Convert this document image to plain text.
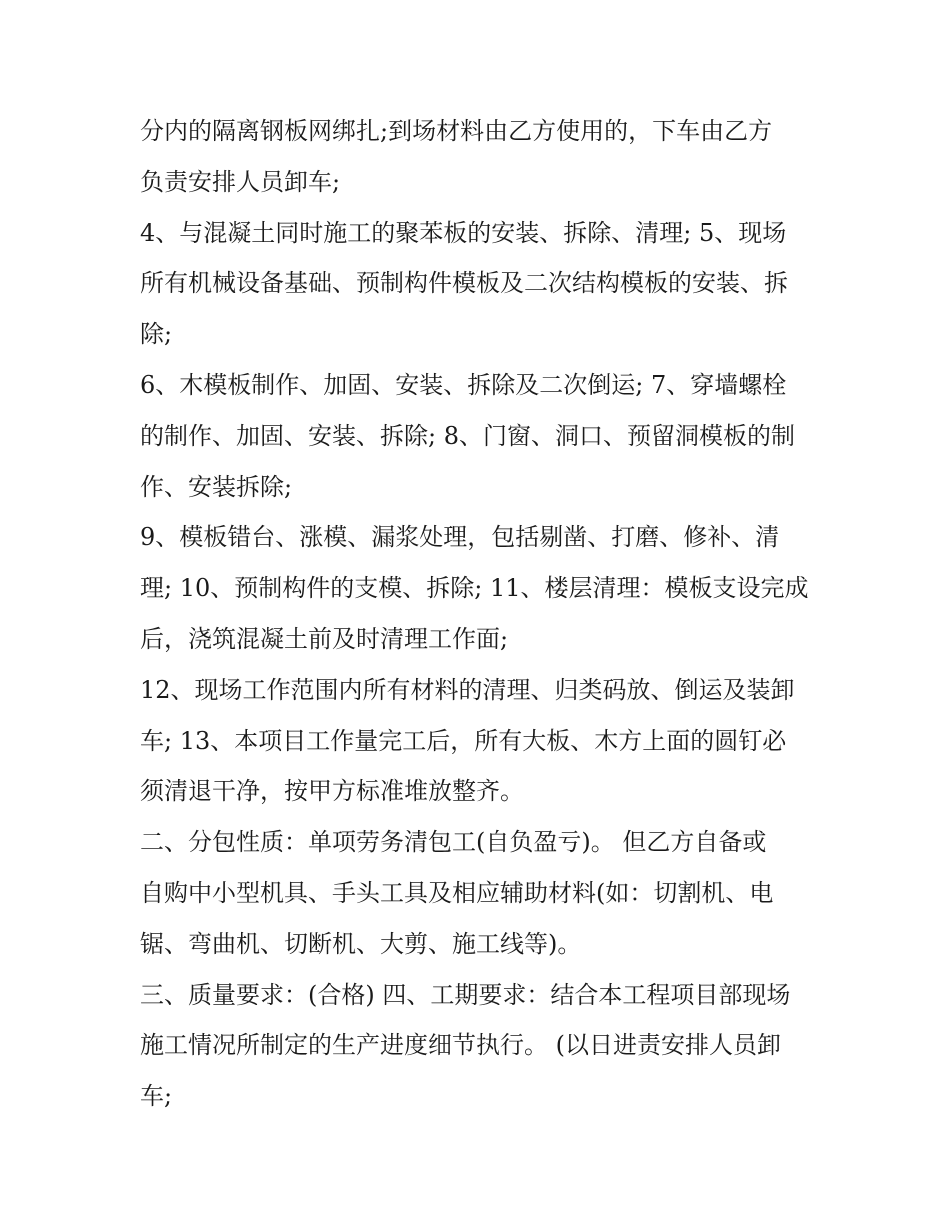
分内的隔离钢板网绑扎;到场材料由乙方使用的，下车由乙方
负责安排人员卸车;
4、与混凝土同时施工的聚苯板的安装、拆除、清理; 5、现场
所有机械设备基础、预制构件模板及二次结构模板的安装、拆
除;
6、木模板制作、加固、安装、拆除及二次倒运; 7、穿墙螺栓
的制作、加固、安装、拆除; 8、门窗、洞口、预留洞模板的制
作、安装拆除;
9、模板错台、涨模、漏浆处理，包括剔凿、打磨、修补、清
理; 10、预制构件的支模、拆除; 11、楼层清理：模板支设完成
后，浇筑混凝土前及时清理工作面;
12、现场工作范围内所有材料的清理、归类码放、倒运及装卸
车; 13、本项目工作量完工后，所有大板、木方上面的圆钉必
须清退干净，按甲方标准堆放整齐。
二、分包性质：单项劳务清包工(自负盈亏)。 但乙方自备或
自购中小型机具、手头工具及相应辅助材料(如：切割机、电
锯、弯曲机、切断机、大剪、施工线等)。
三、质量要求：(合格) 四、工期要求：结合本工程项目部现场
施工情况所制定的生产进度细节执行。 (以日进责安排人员卸
车;
